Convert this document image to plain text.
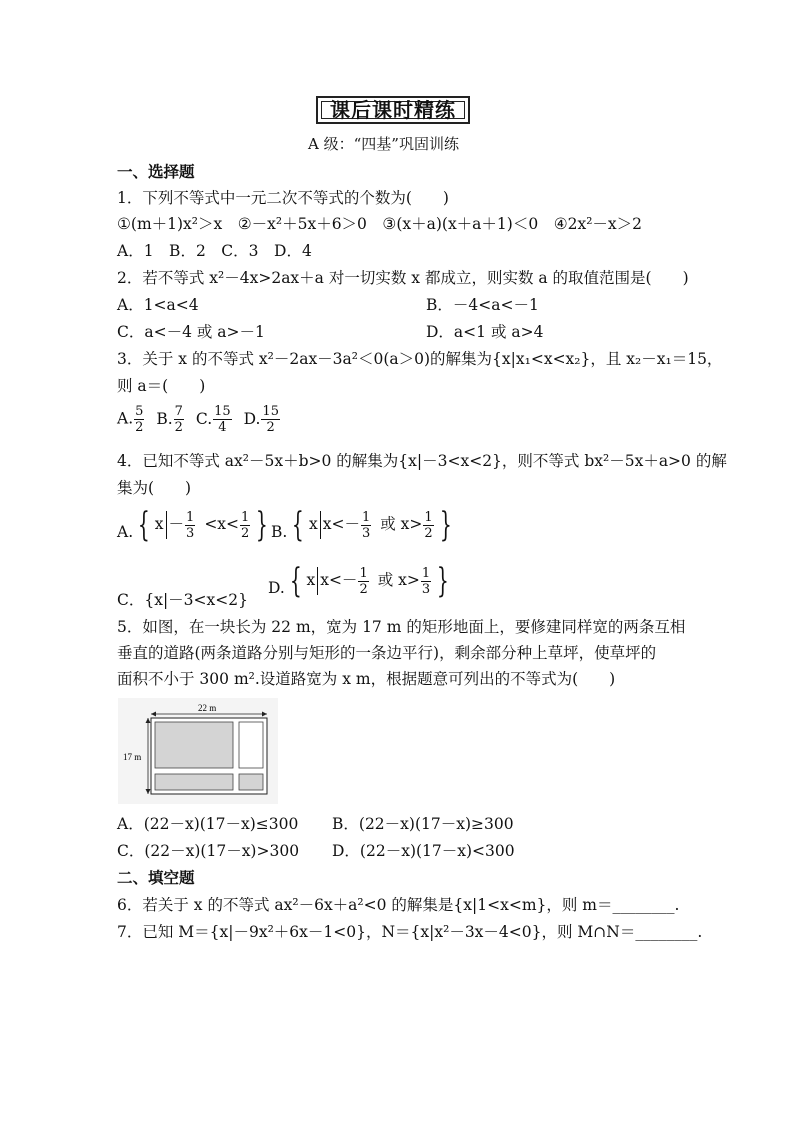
课后课时精练
A 级：“四基”巩固训练
一、选择题
1．下列不等式中一元二次不等式的个数为(　　)
①(m＋1)x²＞x　②－x²＋5x＋6＞0　③(x＋a)(x＋a＋1)＜0　④2x²－x＞2
A．1　B．2　C．3　D．4
2．若不等式 x²－4x>2ax＋a 对一切实数 x 都成立，则实数 a 的取值范围是(　　)
A．1<a<4	B．－4<a<－1
C．a<－4 或 a>－1	D．a<1 或 a>4
3．关于 x 的不等式 x²－2ax－3a²＜0(a＞0)的解集为{x|x₁<x<x₂}，且 x₂－x₁＝15，
则 a＝(　　)
A. $\frac{5}{2} B$. $\frac{7}{2} C$. $\frac{15}{4} D$. $\frac{15}{2}$
4．已知不等式 ax²－5x＋b>0 的解集为{x|－3<x<2}，则不等式 bx²－5x＋a>0 的解
集为(　　)
A. { $x - \frac{1}{3} <x< \frac{1}{2}$ } B. { x $x<- \frac{1}{3}$ 或 $x> \frac{1}{2}$ }
C．{x|－3<x<2}
D. { x $x<- \frac{1}{2}$ 或 $x> \frac{1}{3}$ }
5．如图，在一块长为 22 m，宽为 17 m 的矩形地面上，要修建同样宽的两条互相
垂直的道路(两条道路分别与矩形的一条边平行)，剩余部分种上草坪，使草坪的
面积不小于 300 m².设道路宽为 x m，根据题意可列出的不等式为(　　)
22 m
17 m
A．(22－x)(17－x)≤300 B．(22－x)(17－x)≥300
C．(22－x)(17－x)>300 D．(22－x)(17－x)<300
二、填空题
6．若关于 x 的不等式 ax²－6x＋a²<0 的解集是{x|1<x<m}，则 m＝________.
7．已知 M＝{x|－9x²＋6x－1<0}，N＝{x|x²－3x－4<0}，则 M∩N＝________.
